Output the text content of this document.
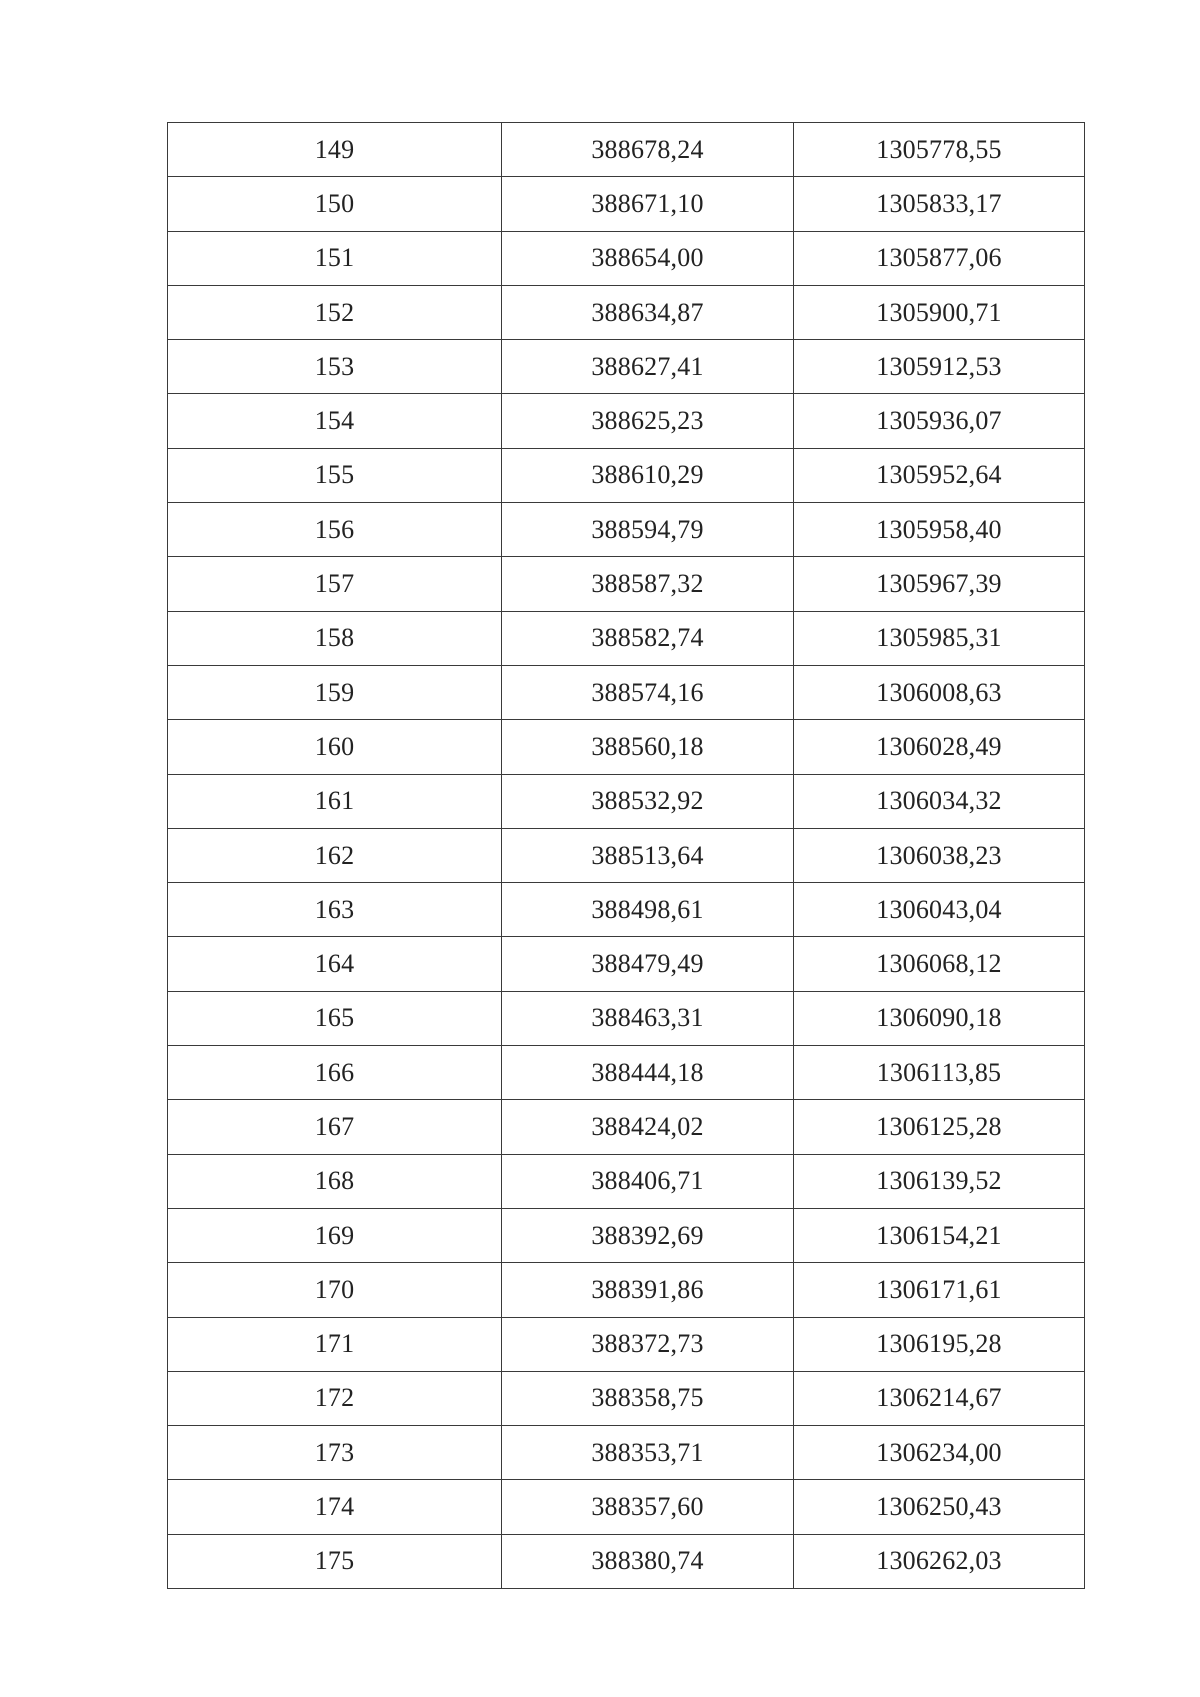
149	388678,24	1305778,55
150	388671,10	1305833,17
151	388654,00	1305877,06
152	388634,87	1305900,71
153	388627,41	1305912,53
154	388625,23	1305936,07
155	388610,29	1305952,64
156	388594,79	1305958,40
157	388587,32	1305967,39
158	388582,74	1305985,31
159	388574,16	1306008,63
160	388560,18	1306028,49
161	388532,92	1306034,32
162	388513,64	1306038,23
163	388498,61	1306043,04
164	388479,49	1306068,12
165	388463,31	1306090,18
166	388444,18	1306113,85
167	388424,02	1306125,28
168	388406,71	1306139,52
169	388392,69	1306154,21
170	388391,86	1306171,61
171	388372,73	1306195,28
172	388358,75	1306214,67
173	388353,71	1306234,00
174	388357,60	1306250,43
175	388380,74	1306262,03
